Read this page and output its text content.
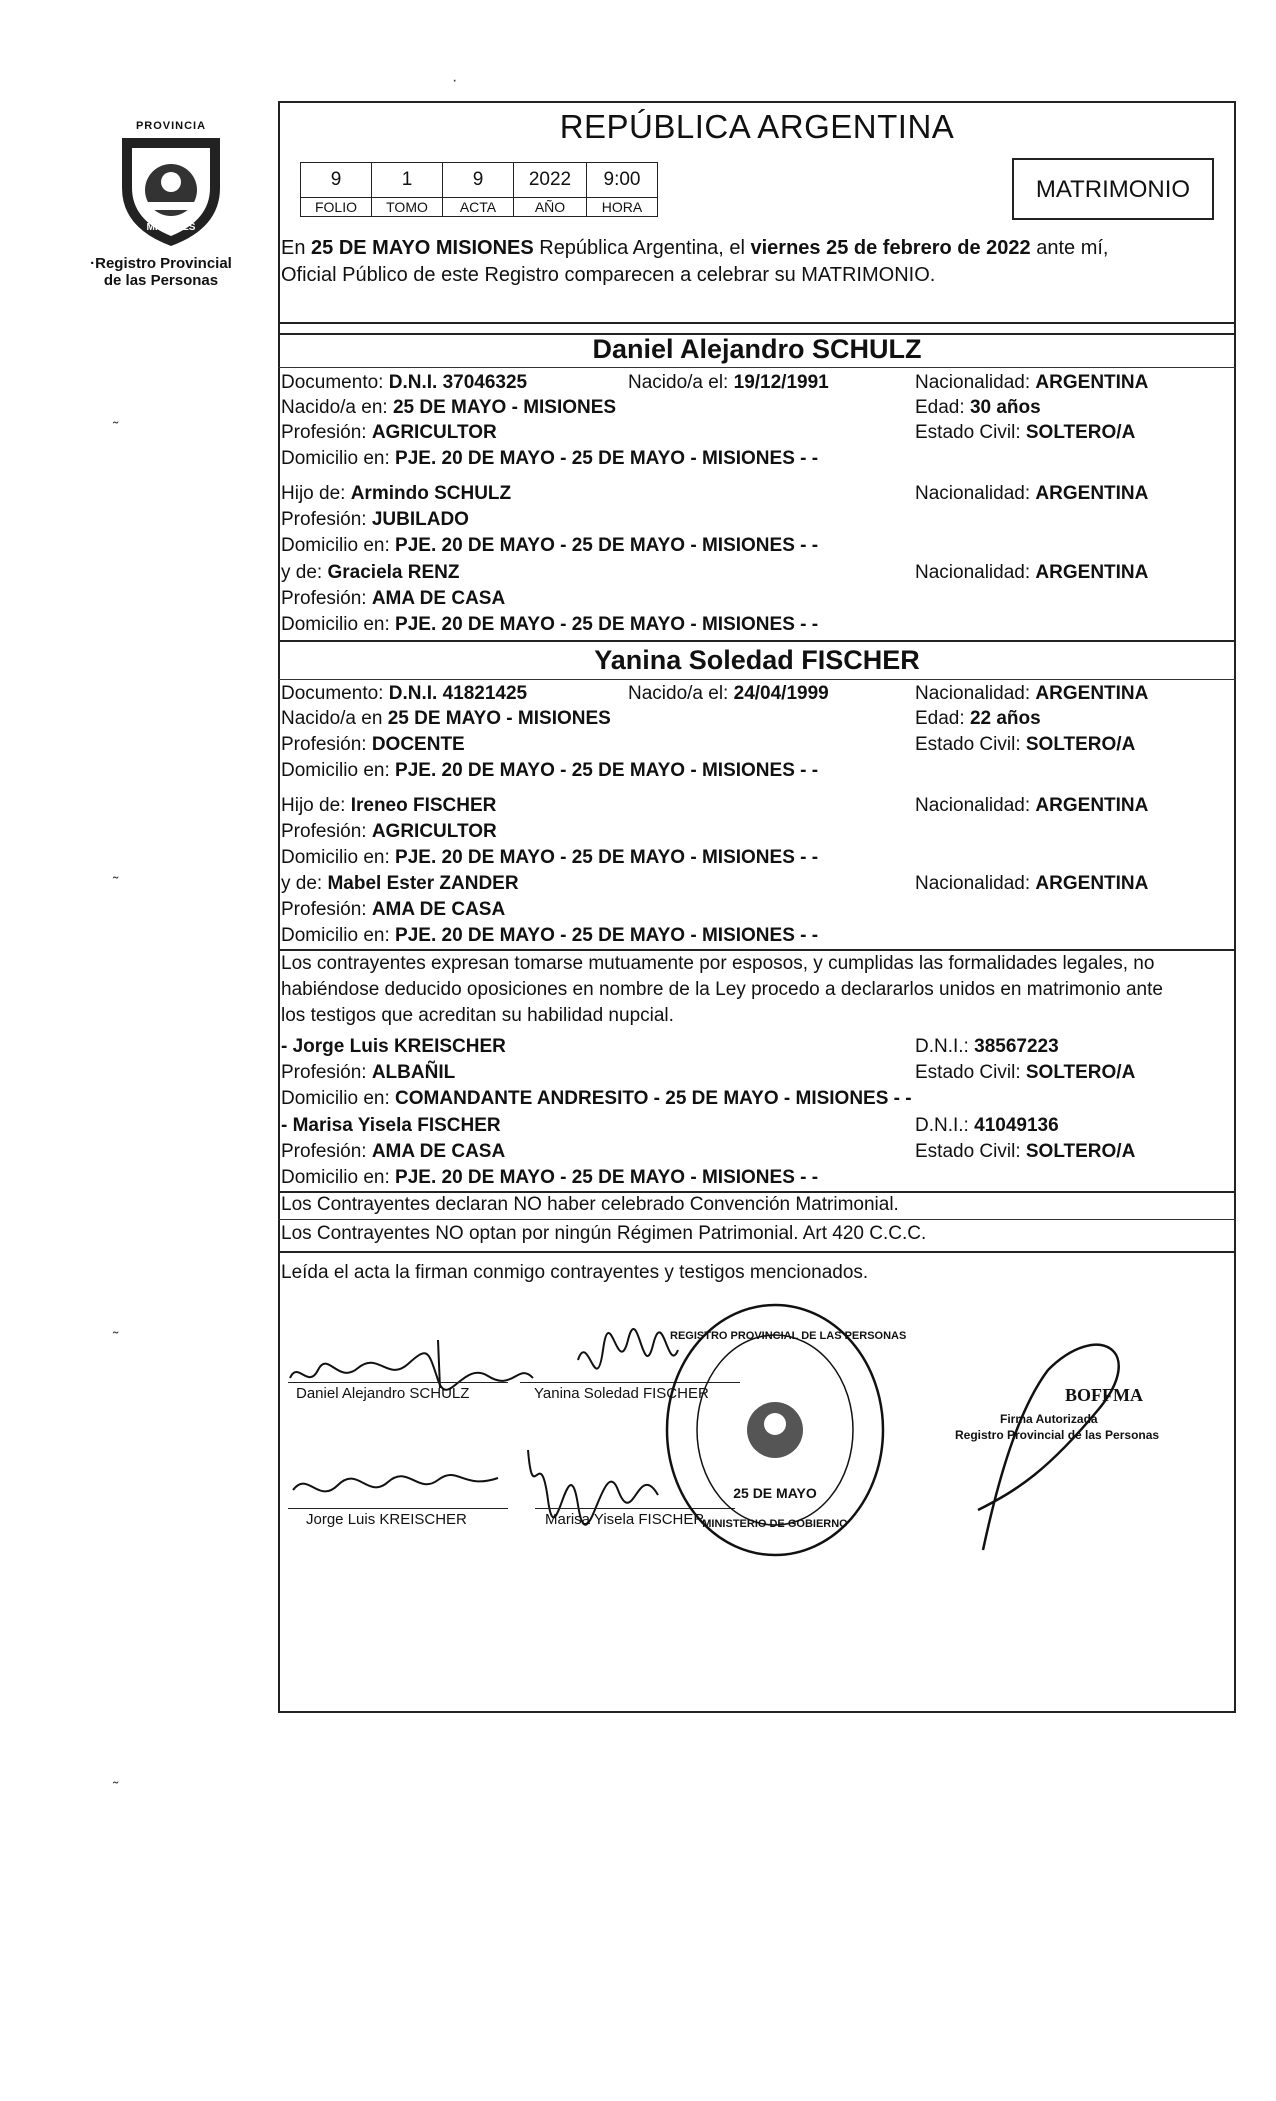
PROVINCIA
MISIONES
·Registro Provincial
de las Personas
·
˜
˜
˜
˜
REPÚBLICA ARGENTINA
9	1	9	2022	9:00
FOLIO	TOMO	ACTA	AÑO	HORA
MATRIMONIO
En 25 DE MAYO MISIONES República Argentina, el viernes 25 de febrero de 2022 ante mí,
Oficial Público de este Registro comparecen a celebrar su MATRIMONIO.
Daniel Alejandro SCHULZ
Documento: D.N.I. 37046325	Nacido/a el: 19/12/1991	Nacionalidad: ARGENTINA
Nacido/a en: 25 DE MAYO - MISIONES	Edad: 30 años
Profesión: AGRICULTOR	Estado Civil: SOLTERO/A
Domicilio en: PJE. 20 DE MAYO - 25 DE MAYO - MISIONES - -
Hijo de: Armindo SCHULZ	Nacionalidad: ARGENTINA
Profesión: JUBILADO
Domicilio en: PJE. 20 DE MAYO - 25 DE MAYO - MISIONES - -
y de: Graciela RENZ	Nacionalidad: ARGENTINA
Profesión: AMA DE CASA
Domicilio en: PJE. 20 DE MAYO - 25 DE MAYO - MISIONES - -
Yanina Soledad FISCHER
Documento: D.N.I. 41821425	Nacido/a el: 24/04/1999	Nacionalidad: ARGENTINA
Nacido/a en 25 DE MAYO - MISIONES	Edad: 22 años
Profesión: DOCENTE	Estado Civil: SOLTERO/A
Domicilio en: PJE. 20 DE MAYO - 25 DE MAYO - MISIONES - -
Hijo de: Ireneo FISCHER	Nacionalidad: ARGENTINA
Profesión: AGRICULTOR
Domicilio en: PJE. 20 DE MAYO - 25 DE MAYO - MISIONES - -
y de: Mabel Ester ZANDER	Nacionalidad: ARGENTINA
Profesión: AMA DE CASA
Domicilio en: PJE. 20 DE MAYO - 25 DE MAYO - MISIONES - -
Los contrayentes expresan tomarse mutuamente por esposos, y cumplidas las formalidades legales, no
habiéndose deducido oposiciones en nombre de la Ley procedo a declararlos unidos en matrimonio ante
los testigos que acreditan su habilidad nupcial.
- Jorge Luis KREISCHER	D.N.I.: 38567223
Profesión: ALBAÑIL	Estado Civil: SOLTERO/A
Domicilio en: COMANDANTE ANDRESITO - 25 DE MAYO - MISIONES - -
- Marisa Yisela FISCHER	D.N.I.: 41049136
Profesión: AMA DE CASA	Estado Civil: SOLTERO/A
Domicilio en: PJE. 20 DE MAYO - 25 DE MAYO - MISIONES - -
Los Contrayentes declaran NO haber celebrado Convención Matrimonial.
Los Contrayentes NO optan por ningún Régimen Patrimonial. Art 420 C.C.C.
Leída el acta la firman conmigo contrayentes y testigos mencionados.
Daniel Alejandro SCHULZ	Yanina Soledad FISCHER
Jorge Luis KREISCHER	Marisa Yisela FISCHER
REGISTRO PROVINCIAL DE LAS PERSONAS
25 DE MAYO
MINISTERIO DE GOBIERNO
BOFFMA
Firma Autorizada
Registro Provincial de las Personas
